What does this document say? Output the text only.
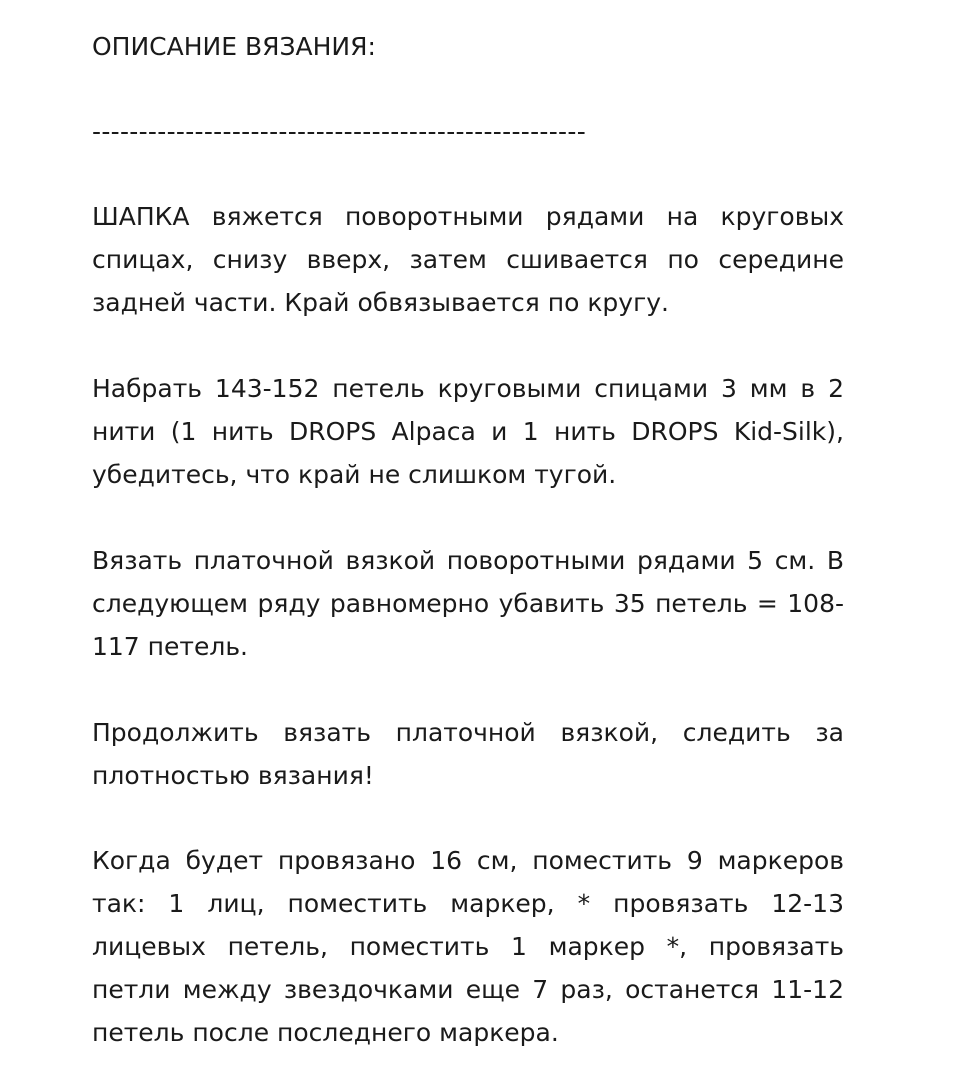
ОПИСАНИЕ ВЯЗАНИЯ:

-----------------------------------------------------

ШАПКА вяжется поворотными рядами на круговых спицах, снизу вверх, затем сшивается по середине задней части. Край обвязывается по кругу.

Набрать 143-152 петель круговыми спицами 3 мм в 2 нити (1 нить DROPS Alpaca и 1 нить DROPS Kid-Silk), убедитесь, что край не слишком тугой.

Вязать платочной вязкой поворотными рядами 5 см. В следующем ряду равномерно убавить 35 петель = 108-117 петель.

Продолжить вязать платочной вязкой, следить за плотностью вязания!

Когда будет провязано 16 см, поместить 9 маркеров так: 1 лиц, поместить маркер, * провязать 12-13 лицевых петель, поместить 1 маркер *, провязать петли между звездочками еще 7 раз, останется 11-12 петель после последнего маркера.
